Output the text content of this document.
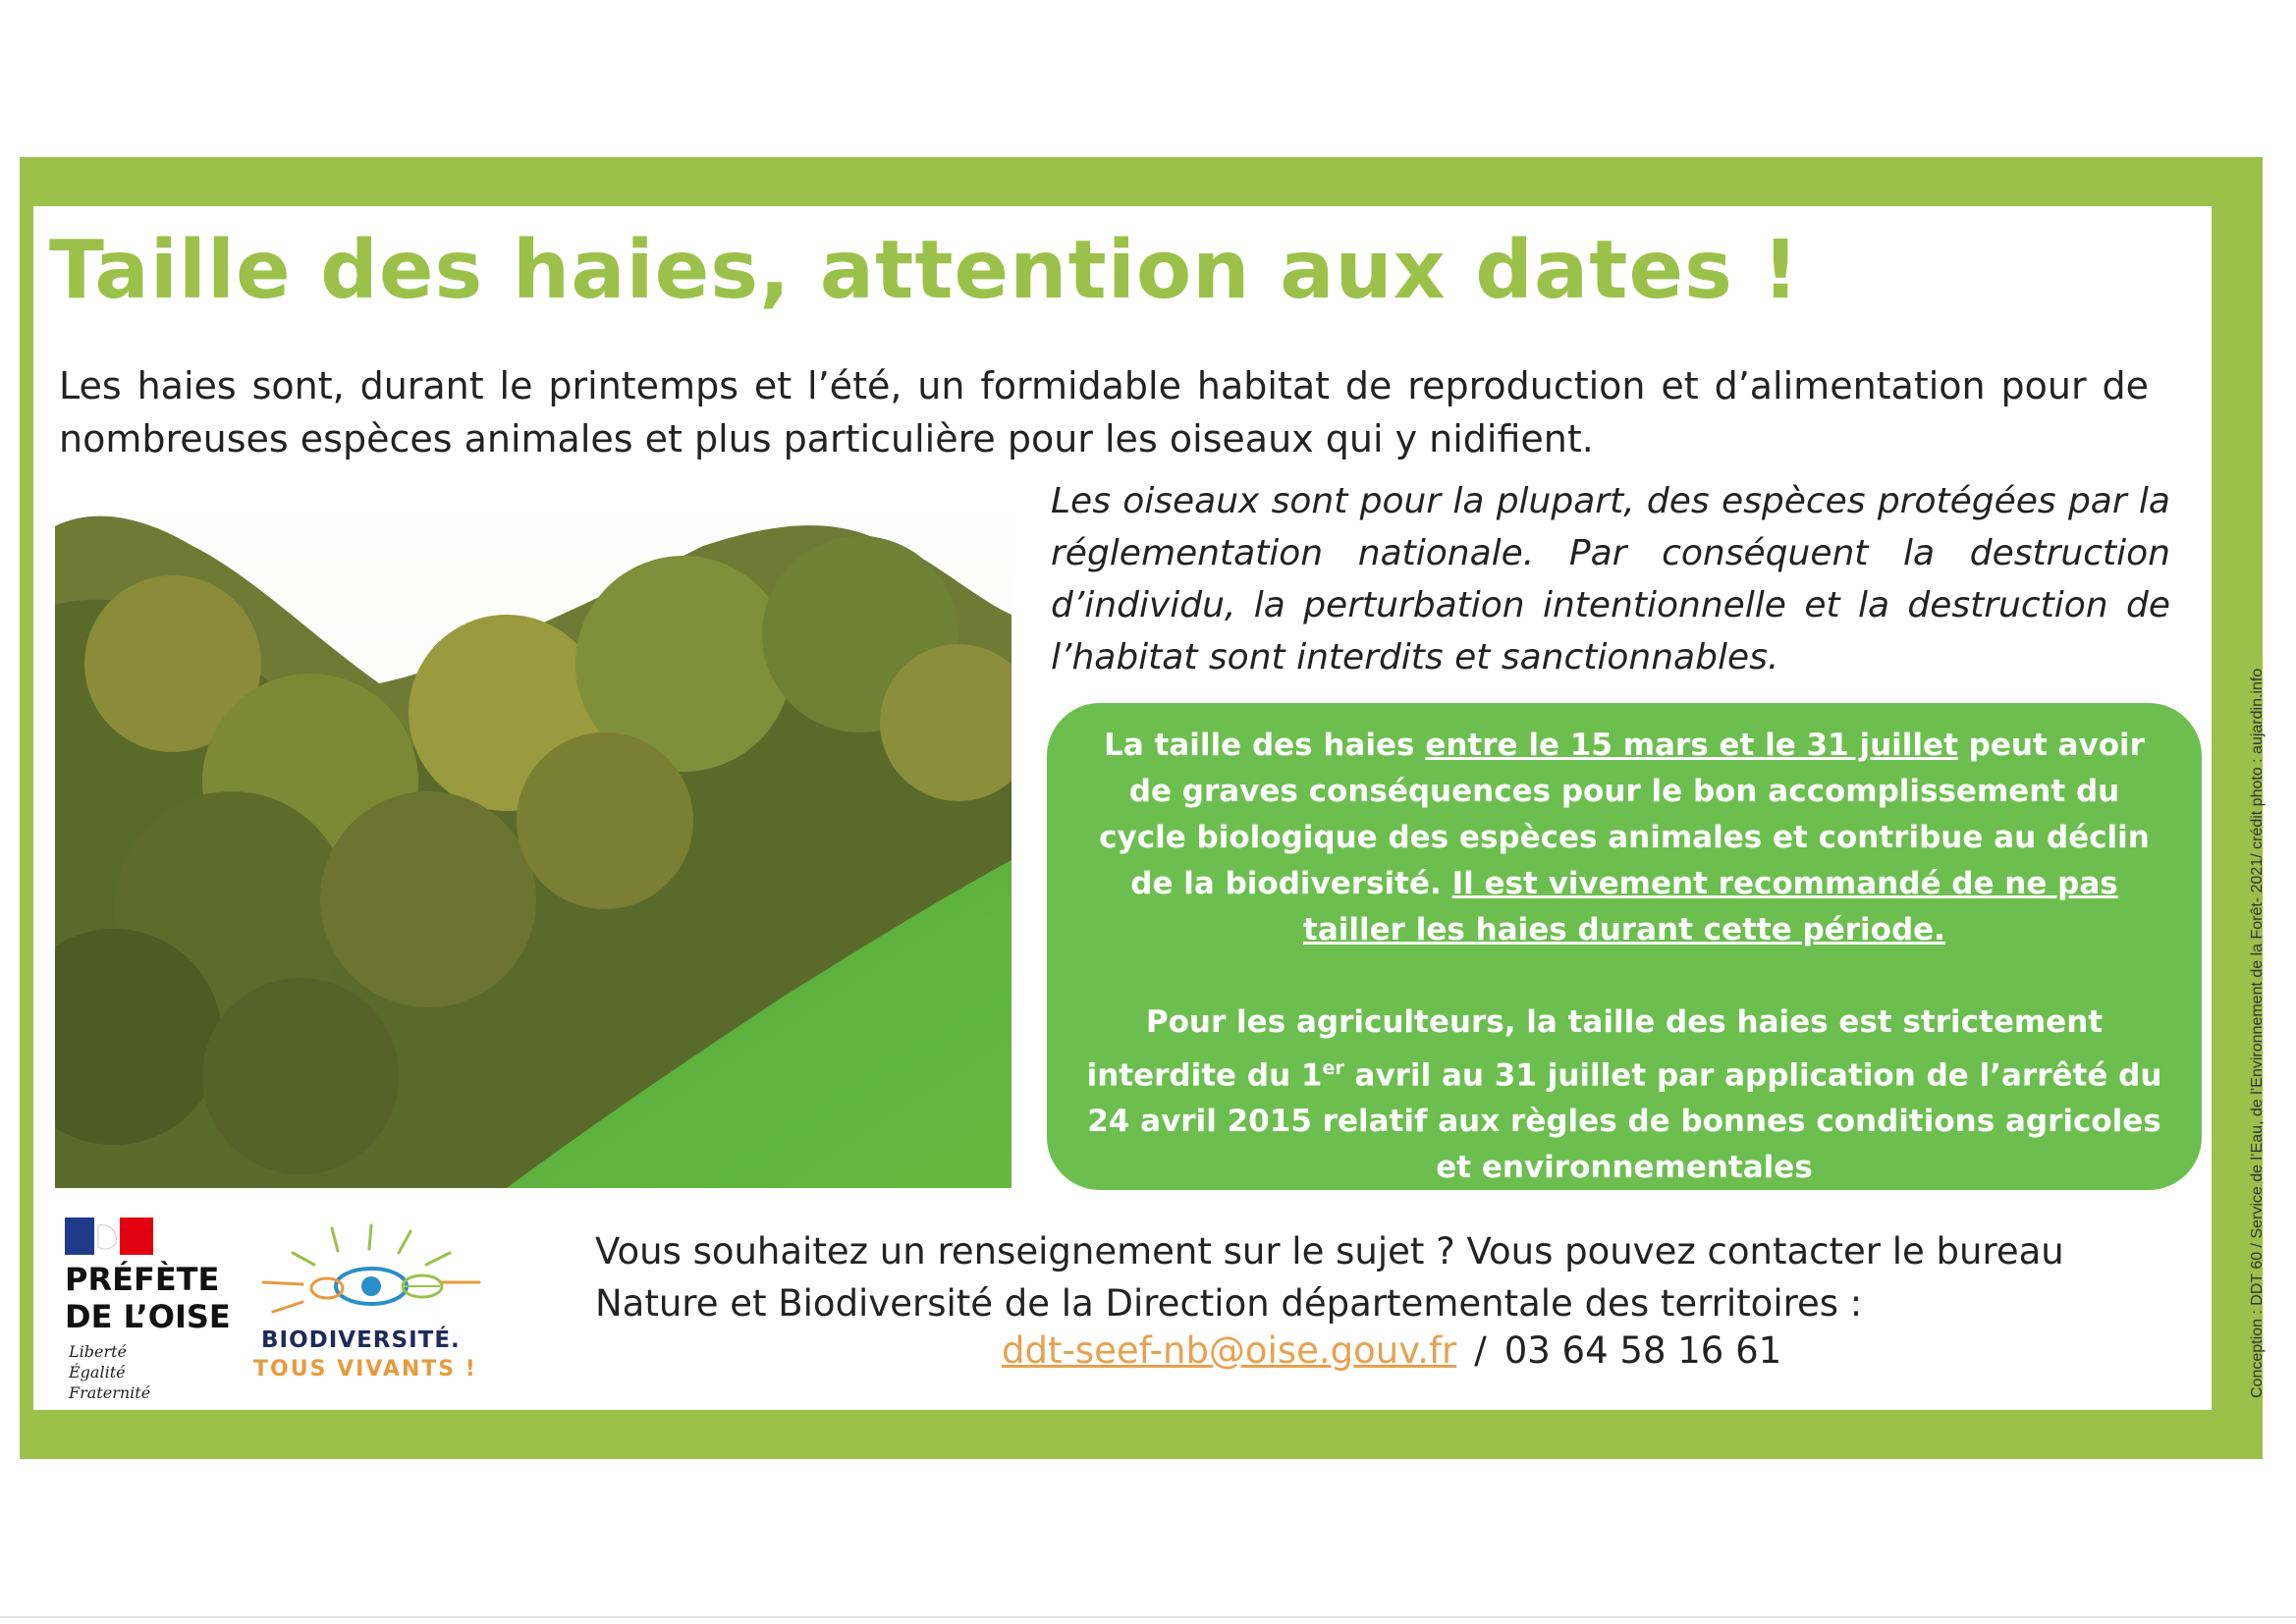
Taille des haies, attention aux dates !
Les haies sont, durant le printemps et l’été, un formidable habitat de reproduction et d’alimentation pour de nombreuses espèces animales et plus particulière pour les oiseaux qui y nidifient.
Les oiseaux sont pour la plupart, des espèces protégées par la réglementation nationale. Par conséquent la destruction d’individu, la perturbation intentionnelle et la destruction de l’habitat sont interdits et sanctionnables.

La taille des haies entre le 15 mars et le 31 juillet peut avoir de graves conséquences pour le bon accomplissement du cycle biologique des espèces animales et contribue au déclin de la biodiversité. Il est vivement recommandé de ne pas tailler les haies durant cette période.

Pour les agriculteurs, la taille des haies est strictement interdite du 1er avril au 31 juillet par application de l’arrêté du 24 avril 2015 relatif aux règles de bonnes conditions agricoles et environnementales

Vous souhaitez un renseignement sur le sujet ? Vous pouvez contacter le bureau Nature et Biodiversité de la Direction départementale des territoires :
ddt-seef-nb@oise.gouv.fr / 03 64 58 16 61
PRÉFÈTE
DE L’OISE
Liberté
Égalité
Fraternité
BIODIVERSITÉ.
TOUS VIVANTS !	Conception : DDT 60 / Service de l’Eau, de l’Environnement de la Forêt- 2021/ crédit photo : aujardin.info
